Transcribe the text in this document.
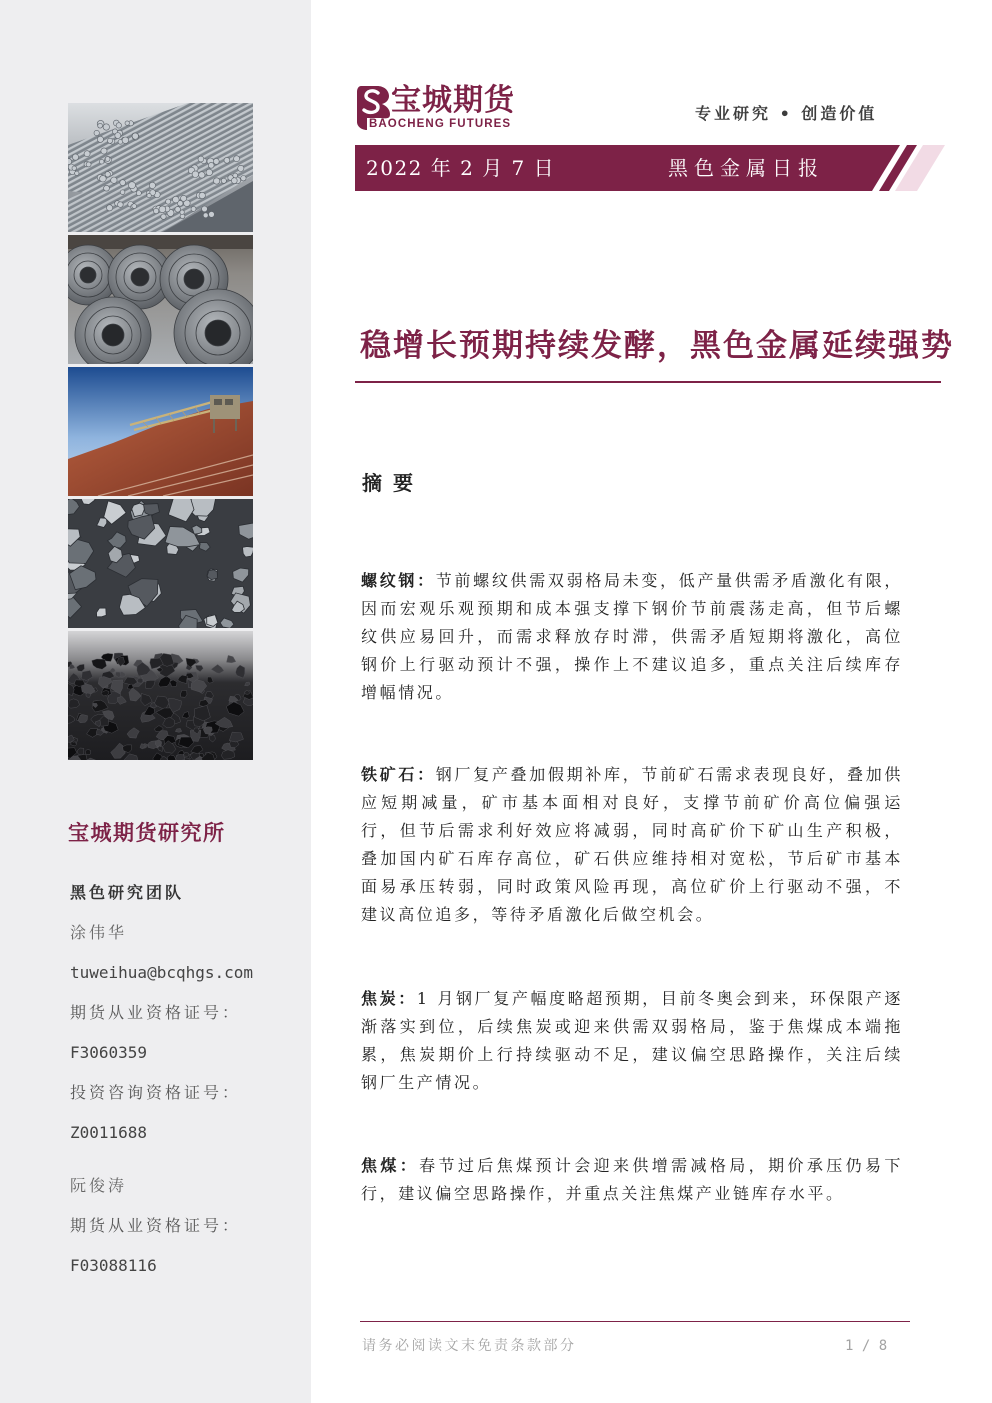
宝城期货研究所
黑色研究团队
涂伟华
tuweihua@bcqhgs.com
期货从业资格证号：
F3060359
投资咨询资格证号：
Z0011688
阮俊涛
期货从业资格证号：
F03088116
宝城期货
BAOCHENG FUTURES
专业研究 • 创造价值
2022 年 2 月 7 日	黑色金属日报
稳增长预期持续发酵，黑色金属延续强势
摘 要
螺纹钢：节前螺纹供需双弱格局未变，低产量供需矛盾激化有限，
因而宏观乐观预期和成本强支撑下钢价节前震荡走高，但节后螺
纹供应易回升，而需求释放存时滞，供需矛盾短期将激化，高位
钢价上行驱动预计不强，操作上不建议追多，重点关注后续库存
增幅情况。
铁矿石：钢厂复产叠加假期补库，节前矿石需求表现良好，叠加供
应短期减量，矿市基本面相对良好，支撑节前矿价高位偏强运
行，但节后需求利好效应将减弱，同时高矿价下矿山生产积极，
叠加国内矿石库存高位，矿石供应维持相对宽松，节后矿市基本
面易承压转弱，同时政策风险再现，高位矿价上行驱动不强，不
建议高位追多，等待矛盾激化后做空机会。
焦炭：1 月钢厂复产幅度略超预期，目前冬奥会到来，环保限产逐
渐落实到位，后续焦炭或迎来供需双弱格局，鉴于焦煤成本端拖
累，焦炭期价上行持续驱动不足，建议偏空思路操作，关注后续
钢厂生产情况。
焦煤：春节过后焦煤预计会迎来供增需减格局，期价承压仍易下
行，建议偏空思路操作，并重点关注焦煤产业链库存水平。
请务必阅读文末免责条款部分	1 / 8
